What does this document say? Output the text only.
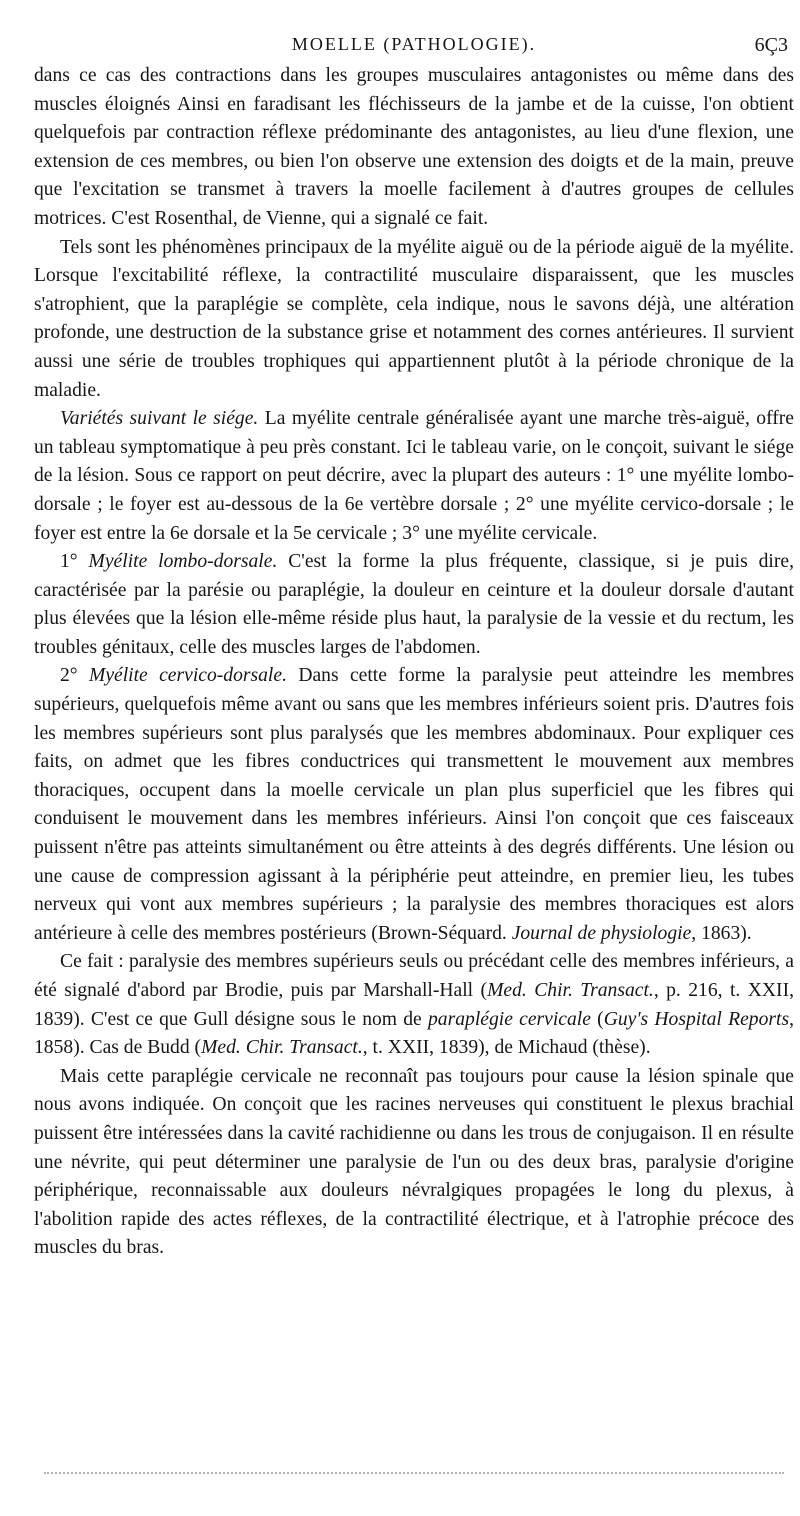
MOELLE (PATHOLOGIE).	6Ç3

dans ce cas des contractions dans les groupes musculaires antagonistes ou même dans des muscles éloignés Ainsi en faradisant les fléchisseurs de la jambe et de la cuisse, l'on obtient quelquefois par contraction réflexe prédominante des antagonistes, au lieu d'une flexion, une extension de ces membres, ou bien l'on observe une extension des doigts et de la main, preuve que l'excitation se transmet à travers la moelle facilement à d'autres groupes de cellules motrices. C'est Rosenthal, de Vienne, qui a signalé ce fait.

Tels sont les phénomènes principaux de la myélite aiguë ou de la période aiguë de la myélite. Lorsque l'excitabilité réflexe, la contractilité musculaire disparaissent, que les muscles s'atrophient, que la paraplégie se complète, cela indique, nous le savons déjà, une altération profonde, une destruction de la substance grise et notamment des cornes antérieures. Il survient aussi une série de troubles trophiques qui appartiennent plutôt à la période chronique de la maladie.

Variétés suivant le siége. La myélite centrale généralisée ayant une marche très-aiguë, offre un tableau symptomatique à peu près constant. Ici le tableau varie, on le conçoit, suivant le siége de la lésion. Sous ce rapport on peut décrire, avec la plupart des auteurs : 1° une myélite lombo-dorsale ; le foyer est au-dessous de la 6e vertèbre dorsale ; 2° une myélite cervico-dorsale ; le foyer est entre la 6e dorsale et la 5e cervicale ; 3° une myélite cervicale.

1° Myélite lombo-dorsale. C'est la forme la plus fréquente, classique, si je puis dire, caractérisée par la parésie ou paraplégie, la douleur en ceinture et la douleur dorsale d'autant plus élevées que la lésion elle-même réside plus haut, la paralysie de la vessie et du rectum, les troubles génitaux, celle des muscles larges de l'abdomen.

2° Myélite cervico-dorsale. Dans cette forme la paralysie peut atteindre les membres supérieurs, quelquefois même avant ou sans que les membres inférieurs soient pris. D'autres fois les membres supérieurs sont plus paralysés que les membres abdominaux. Pour expliquer ces faits, on admet que les fibres conductrices qui transmettent le mouvement aux membres thoraciques, occupent dans la moelle cervicale un plan plus superficiel que les fibres qui conduisent le mouvement dans les membres inférieurs. Ainsi l'on conçoit que ces faisceaux puissent n'être pas atteints simultanément ou être atteints à des degrés différents. Une lésion ou une cause de compression agissant à la périphérie peut atteindre, en premier lieu, les tubes nerveux qui vont aux membres supérieurs ; la paralysie des membres thoraciques est alors antérieure à celle des membres postérieurs (Brown-Séquard. Journal de physiologie, 1863).

Ce fait : paralysie des membres supérieurs seuls ou précédant celle des membres inférieurs, a été signalé d'abord par Brodie, puis par Marshall-Hall (Med. Chir. Transact., p. 216, t. XXII, 1839). C'est ce que Gull désigne sous le nom de paraplégie cervicale (Guy's Hospital Reports, 1858). Cas de Budd (Med. Chir. Transact., t. XXII, 1839), de Michaud (thèse).

Mais cette paraplégie cervicale ne reconnaît pas toujours pour cause la lésion spinale que nous avons indiquée. On conçoit que les racines nerveuses qui constituent le plexus brachial puissent être intéressées dans la cavité rachidienne ou dans les trous de conjugaison. Il en résulte une névrite, qui peut déterminer une paralysie de l'un ou des deux bras, paralysie d'origine périphérique, reconnaissable aux douleurs névralgiques propagées le long du plexus, à l'abolition rapide des actes réflexes, de la contractilité électrique, et à l'atrophie précoce des muscles du bras.
